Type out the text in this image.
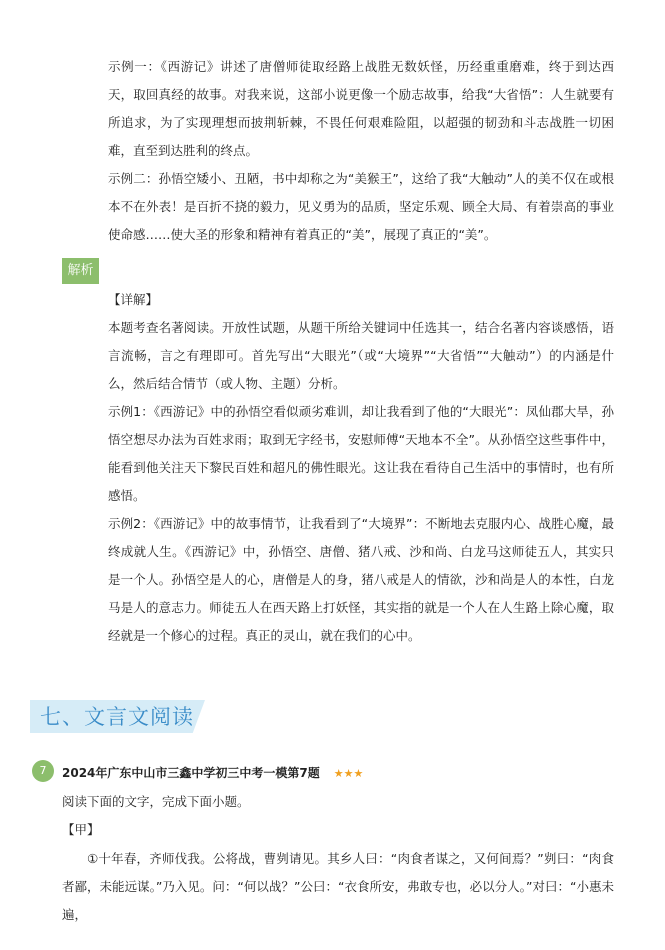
示例一：《西游记》讲述了唐僧师徒取经路上战胜无数妖怪，历经重重磨难，终于到达西天，取回真经的故事。对我来说，这部小说更像一个励志故事，给我“大省悟”：人生就要有所追求，为了实现理想而披荆斩棘，不畏任何艰难险阻，以超强的韧劲和斗志战胜一切困难，直至到达胜利的终点。

示例二：孙悟空矮小、丑陋，书中却称之为“美猴王”，这给了我“大触动”人的美不仅在或根本不在外表！是百折不挠的毅力，见义勇为的品质，坚定乐观、顾全大局、有着崇高的事业使命感……使大圣的形象和精神有着真正的“美”，展现了真正的“美”。

解析
【详解】

本题考查名著阅读。开放性试题，从题干所给关键词中任选其一，结合名著内容谈感悟，语言流畅，言之有理即可。首先写出“大眼光”（或“大境界”“大省悟”“大触动”）的内涵是什么，然后结合情节（或人物、主题）分析。

示例1：《西游记》中的孙悟空看似顽劣难训，却让我看到了他的“大眼光”：凤仙郡大旱，孙悟空想尽办法为百姓求雨；取到无字经书，安慰师傅“天地本不全”。从孙悟空这些事件中，能看到他关注天下黎民百姓和超凡的佛性眼光。这让我在看待自己生活中的事情时，也有所感悟。

示例2：《西游记》中的故事情节，让我看到了“大境界”：不断地去克服内心、战胜心魔，最终成就人生。《西游记》中，孙悟空、唐僧、猪八戒、沙和尚、白龙马这师徒五人，其实只是一个人。孙悟空是人的心，唐僧是人的身，猪八戒是人的情欲，沙和尚是人的本性，白龙马是人的意志力。师徒五人在西天路上打妖怪，其实指的就是一个人在人生路上除心魔，取经就是一个修心的过程。真正的灵山，就在我们的心中。

七、文言文阅读
7	2024年广东中山市三鑫中学初三中考一模第7题 ★★★
阅读下面的文字，完成下面小题。
【甲】

①十年春，齐师伐我。公将战，曹刿请见。其乡人曰：“肉食者谋之，又何间焉？”刿曰：“肉食者鄙，未能远谋。”乃入见。问：“何以战？”公曰：“衣食所安，弗敢专也，必以分人。”对曰：“小惠未遍，
